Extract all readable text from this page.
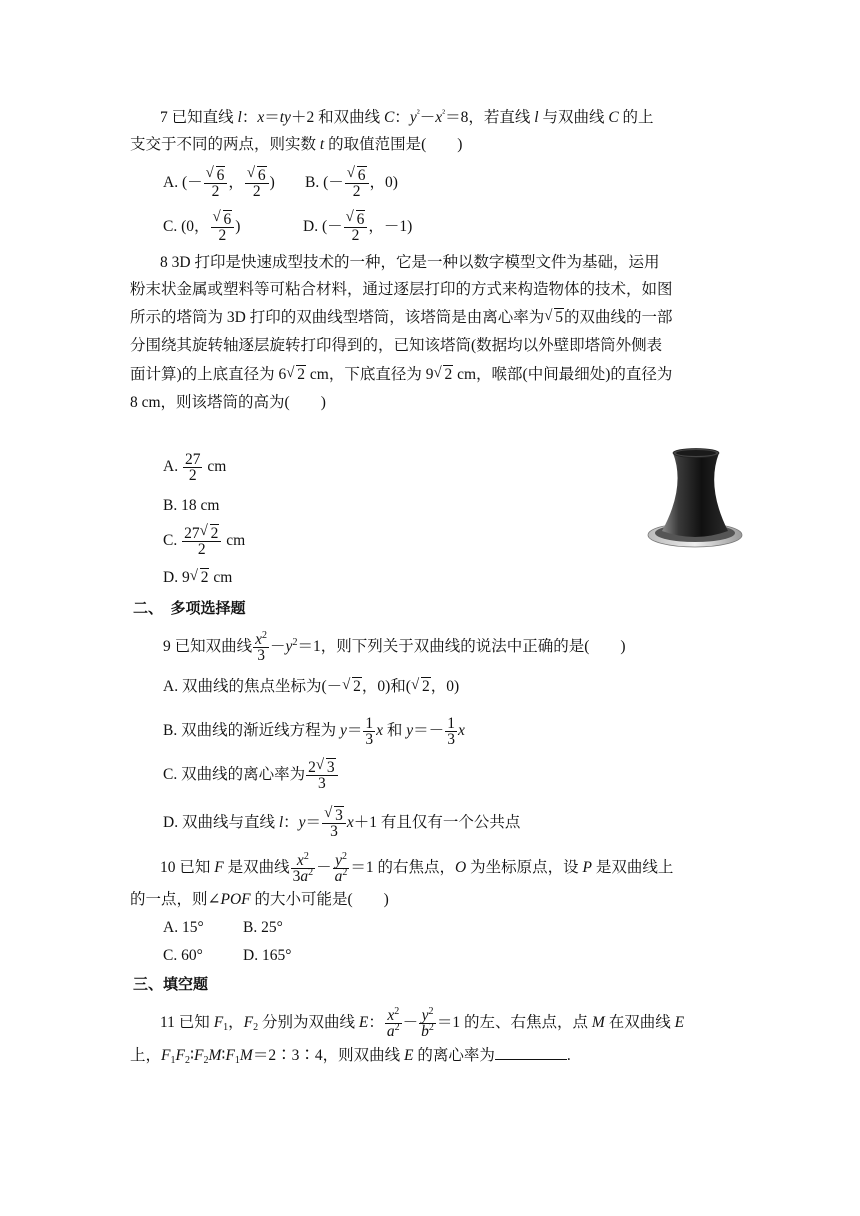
7 已知直线 l：x＝ty＋2 和双曲线 C：$y^{^2}-x^{^2}=8$，若直线 l 与双曲线 C 的上
支交于不同的两点，则实数 t 的取值范围是(　　)
A. (－ √ $\frac{6}{2}$ ， √ $\frac{6}{2}$ ) B. (－ √ $\frac{6}{2}$ ，0)
C. (0， √ $\frac{6}{2}$ )	D. (－ √ $\frac{6}{2}$ ，－1)
8 3D 打印是快速成型技术的一种，它是一种以数字模型文件为基础，运用
粉末状金属或塑料等可粘合材料，通过逐层打印的方式来构造物体的技术，如图
所示的塔筒为 3D 打印的双曲线型塔筒，该塔筒是由离心率为 √ 5的双曲线的一部
分围绕其旋转轴逐层旋转打印得到的，已知该塔筒(数据均以外壁即塔筒外侧表
面计算)的上底直径为 6 √ 2 cm，下底直径为 9 √ 2 cm，喉部(中间最细处)的直径为
8 cm，则该塔筒的高为(　　)
A. $\frac{27}{2}$ cm
B. 18 cm
C. $\frac{27 √ 2}{2}$ cm
D. 9 √ 2 cm
二、　多项选择题
9 已知双曲线 $\frac{x^2}{3} -y^2=1$，则下列关于双曲线的说法中正确的是(　　)
A. 双曲线的焦点坐标为(－ √ 2，0)和( √ 2，0)
B. 双曲线的渐近线方程为 $y= \frac{1}{3}$ x 和 $y=- \frac{1}{3}$ x
C. 双曲线的离心率为 $\frac{2 √ 3}{3}$
D. 双曲线与直线 l：y＝ √ $\frac{3}{3} x+1$ 有且仅有一个公共点
10 已知 F 是双曲线 $\frac{x^2}{3a^2} - \frac{y^2}{a^2} =1$ 的右焦点，O 为坐标原点，设 P 是双曲线上
的一点，则∠POF 的大小可能是(　　)
A. 15°	B. 25°
C. 60°	D. 165°
三、填空题
11 已知 $F_1$，$F_2$ 分别为双曲线 E： $\frac{x^2}{a^2} - \frac{y^2}{b^2} =1$ 的左、右焦点，点 M 在双曲线 E
上，$F_1F_2∶F_2M∶F_1M=2∶3∶4$，则双曲线 E 的离心率为	.
